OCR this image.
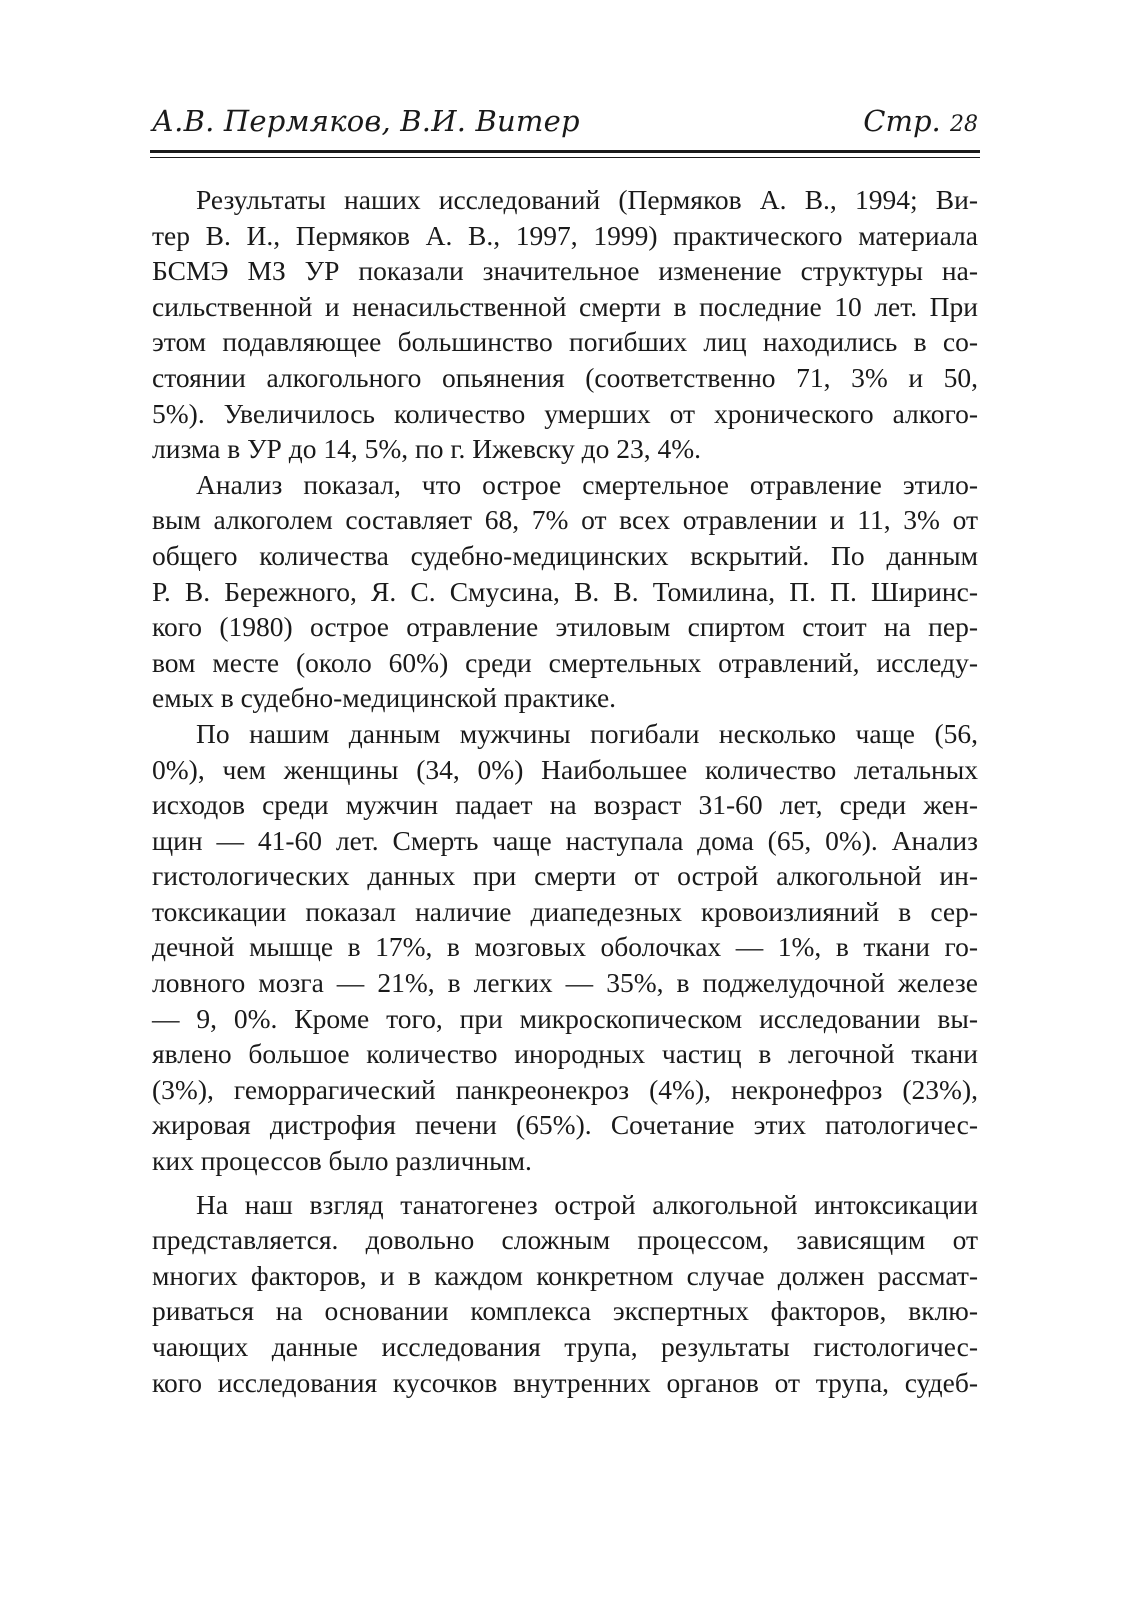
А.В. Пермяков, В.И. Витер	Стр. 28
Результаты наших исследований (Пермяков А. В., 1994; Ви-
тер В. И., Пермяков А. В., 1997, 1999) практического материала
БСМЭ МЗ УР показали значительное изменение структуры на-
сильственной и ненасильственной смерти в последние 10 лет. При
этом подавляющее большинство погибших лиц находились в со-
стоянии алкогольного опьянения (соответственно 71, 3% и 50,
5%). Увеличилось количество умерших от хронического алкого-
лизма в УР до 14, 5%, по г. Ижевску до 23, 4%.
Анализ показал, что острое смертельное отравление этило-
вым алкоголем составляет 68, 7% от всех отравлении и 11, 3% от
общего количества судебно-медицинских вскрытий. По данным
Р. В. Бережного, Я. С. Смусина, В. В. Томилина, П. П. Ширинс-
кого (1980) острое отравление этиловым спиртом стоит на пер-
вом месте (около 60%) среди смертельных отравлений, исследу-
емых в судебно-медицинской практике.
По нашим данным мужчины погибали несколько чаще (56,
0%), чем женщины (34, 0%) Наибольшее количество летальных
исходов среди мужчин падает на возраст 31-60 лет, среди жен-
щин — 41-60 лет. Смерть чаще наступала дома (65, 0%). Анализ
гистологических данных при смерти от острой алкогольной ин-
токсикации показал наличие диапедезных кровоизлияний в сер-
дечной мышце в 17%, в мозговых оболочках — 1%, в ткани го-
ловного мозга — 21%, в легких — 35%, в поджелудочной железе
— 9, 0%. Кроме того, при микроскопическом исследовании вы-
явлено большое количество инородных частиц в легочной ткани
(3%), геморрагический панкреонекроз (4%), некронефроз (23%),
жировая дистрофия печени (65%). Сочетание этих патологичес-
ких процессов было различным.
На наш взгляд танатогенез острой алкогольной интоксикации
представляется. довольно сложным процессом, зависящим от
многих факторов, и в каждом конкретном случае должен рассмат-
риваться на основании комплекса экспертных факторов, вклю-
чающих данные исследования трупа, результаты гистологичес-
кого исследования кусочков внутренних органов от трупа, судеб-
